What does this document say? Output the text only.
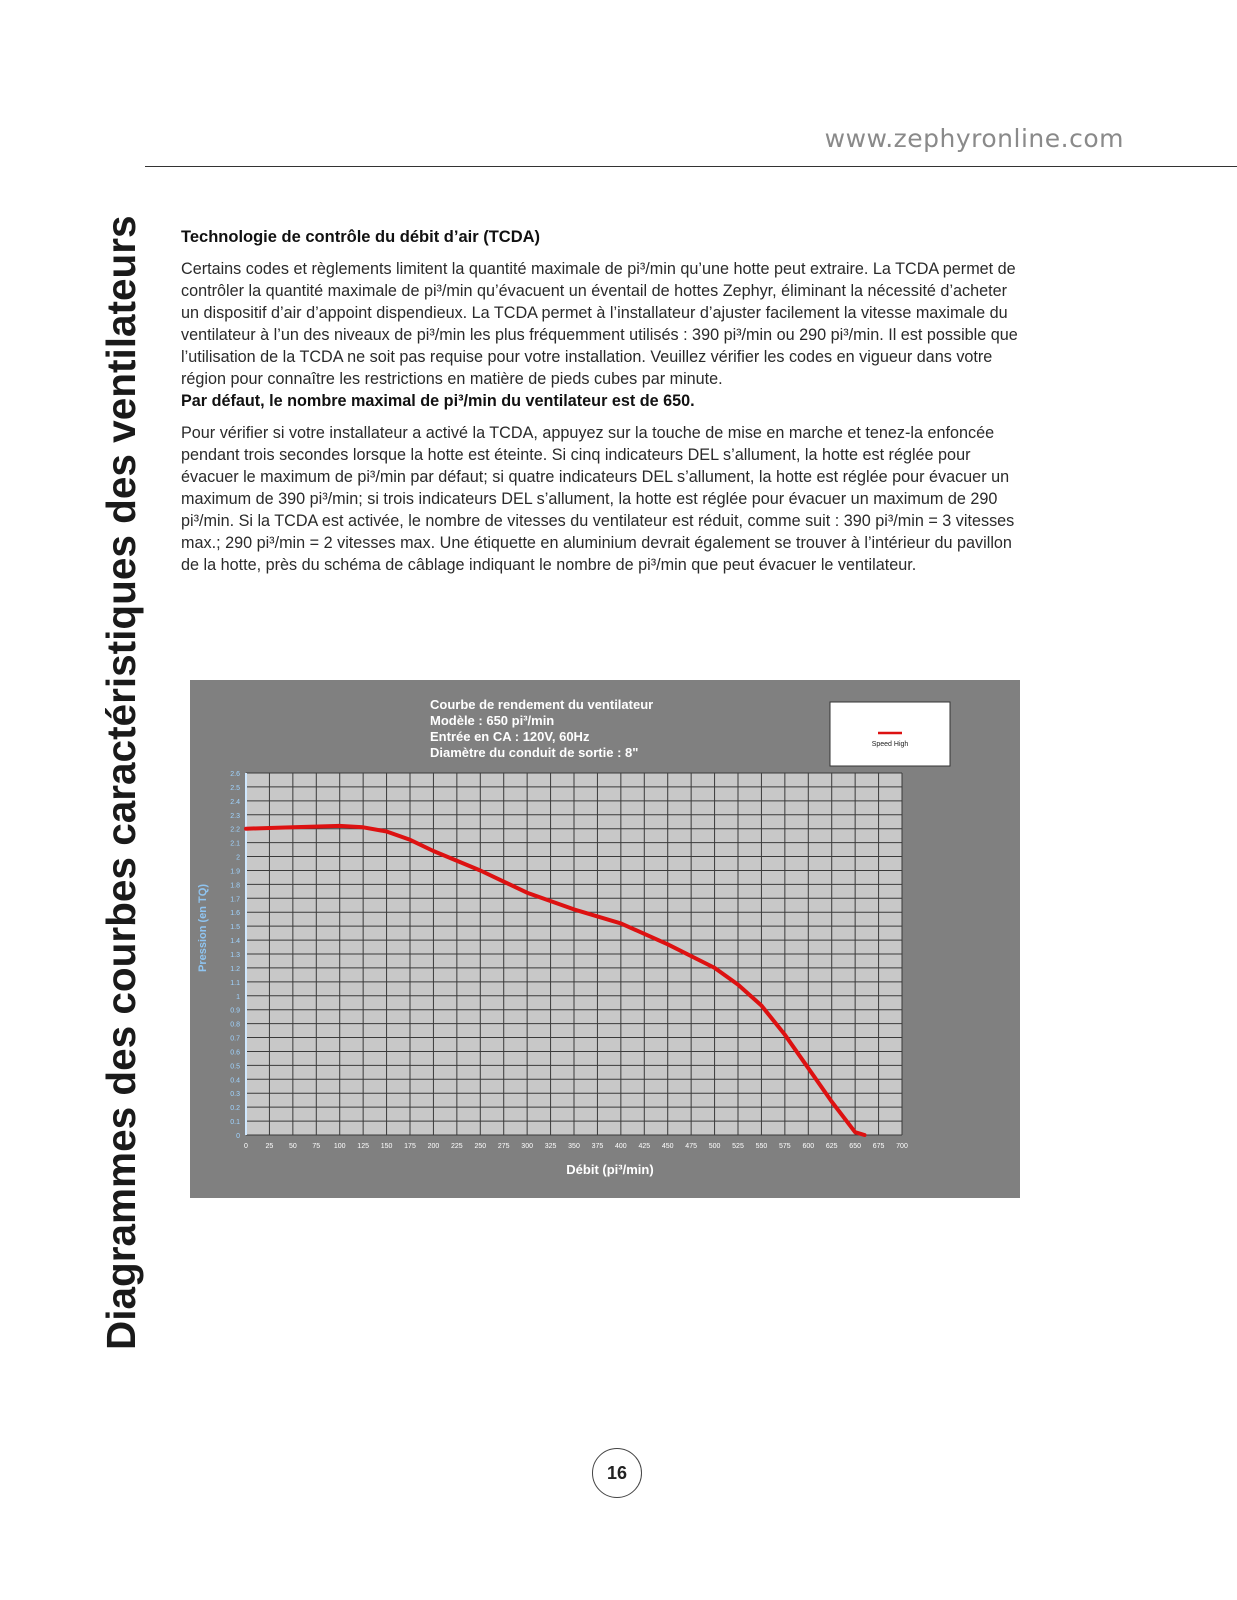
www.zephyronline.com
Diagrammes des courbes caractéristiques des ventilateurs Technologie de contrôle du débit d’air (TCDA)

Certains codes et règlements limitent la quantité maximale de pi³/min qu’une hotte peut extraire. La TCDA permet de contrôler la quantité maximale de pi³/min qu’évacuent un éventail de hottes Zephyr, éliminant la nécessité d’acheter un dispositif d’air d’appoint dispendieux. La TCDA permet à l’installateur d’ajuster facilement la vitesse maximale du ventilateur à l’un des niveaux de pi³/min les plus fréquemment utilisés : 390 pi³/min ou 290 pi³/min. Il est possible que l’utilisation de la TCDA ne soit pas requise pour votre installation. Veuillez vérifier les codes en vigueur dans votre région pour connaître les restrictions en matière de pieds cubes par minute.

Par défaut, le nombre maximal de pi³/min du ventilateur est de 650.

Pour vérifier si votre installateur a activé la TCDA, appuyez sur la touche de mise en marche et tenez-la enfoncée pendant trois secondes lorsque la hotte est éteinte. Si cinq indicateurs DEL s’allument, la hotte est réglée pour évacuer le maximum de pi³/min par défaut; si quatre indicateurs DEL s’allument, la hotte est réglée pour évacuer un maximum de 390 pi³/min; si trois indicateurs DEL s’allument, la hotte est réglée pour évacuer un maximum de 290 pi³/min. Si la TCDA est activée, le nombre de vitesses du ventilateur est réduit, comme suit : 390 pi³/min = 3 vitesses max.; 290 pi³/min = 2 vitesses max. Une étiquette en aluminium devrait également se trouver à l’intérieur du pavillon de la hotte, près du schéma de câblage indiquant le nombre de pi³/min que peut évacuer le ventilateur.

Courbe de rendement du ventilateur
Modèle : 650 pi³/min
Entrée en CA : 120V, 60Hz
Diamètre du conduit de sortie : 8"
Speed High
0
0.1
0.2
0.3
0.4
0.5
0.6
0.7
0.8
0.9
1
1.1
1.2
1.3
1.4
1.5
1.6
1.7
1.8
1.9
2
2.1
2.2
2.3
2.4
2.5
2.6
0	25 50 75 100 125 150 175 200 225 250 275 300 325 350 375 400 425 450 475 500 525 550 575 600 625 650 675 700
Pression (en TQ)
Débit (pi³/min)
16
